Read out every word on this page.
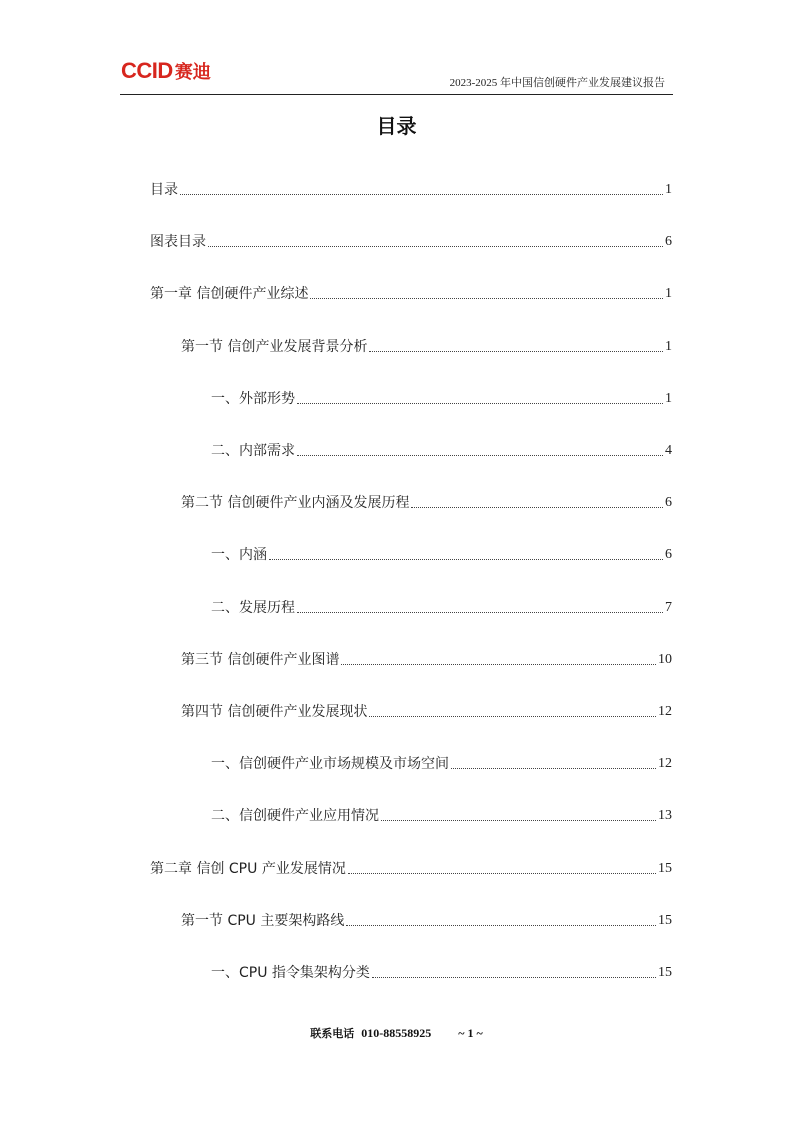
CCID 赛迪	2023-2025 年中国信创硬件产业发展建议报告
目录
目录	1
图表目录	6
第一章 信创硬件产业综述	1
第一节 信创产业发展背景分析	1
一、外部形势	1
二、内部需求	4
第二节 信创硬件产业内涵及发展历程	6
一、内涵	6
二、发展历程	7
第三节 信创硬件产业图谱	10
第四节 信创硬件产业发展现状	12
一、信创硬件产业市场规模及市场空间	12
二、信创硬件产业应用情况	13
第二章 信创 CPU 产业发展情况	15
第一节 CPU 主要架构路线	15
一、CPU 指令集架构分类	15
联系电话 010-88558925 ~ 1 ~
